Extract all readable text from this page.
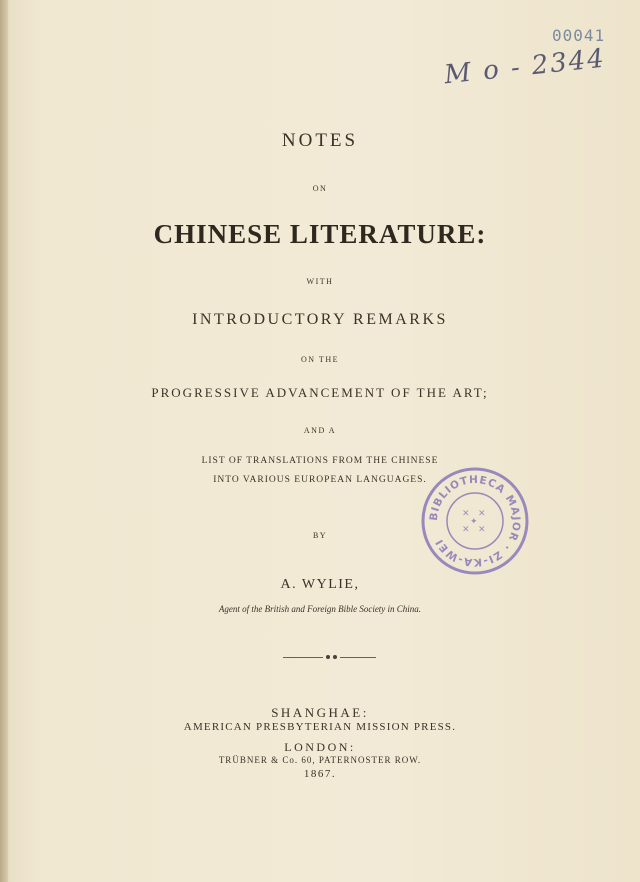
00041
M o - 2344
NOTES
ON
CHINESE LITERATURE:
WITH
INTRODUCTORY REMARKS
ON THE
PROGRESSIVE ADVANCEMENT OF THE ART;
AND A
LIST OF TRANSLATIONS FROM THE CHINESE
INTO VARIOUS EUROPEAN LANGUAGES.
BY
A. WYLIE,
Agent of the British and Foreign Bible Society in China.
SHANGHAE:
AMERICAN PRESBYTERIAN MISSION PRESS.
LONDON:
TRÜBNER & Co. 60, PATERNOSTER ROW.
1867.
BIBLIOTHECA MAJOR · ZI-KA-WEI
✕ ✕
✕ ✕
✦
